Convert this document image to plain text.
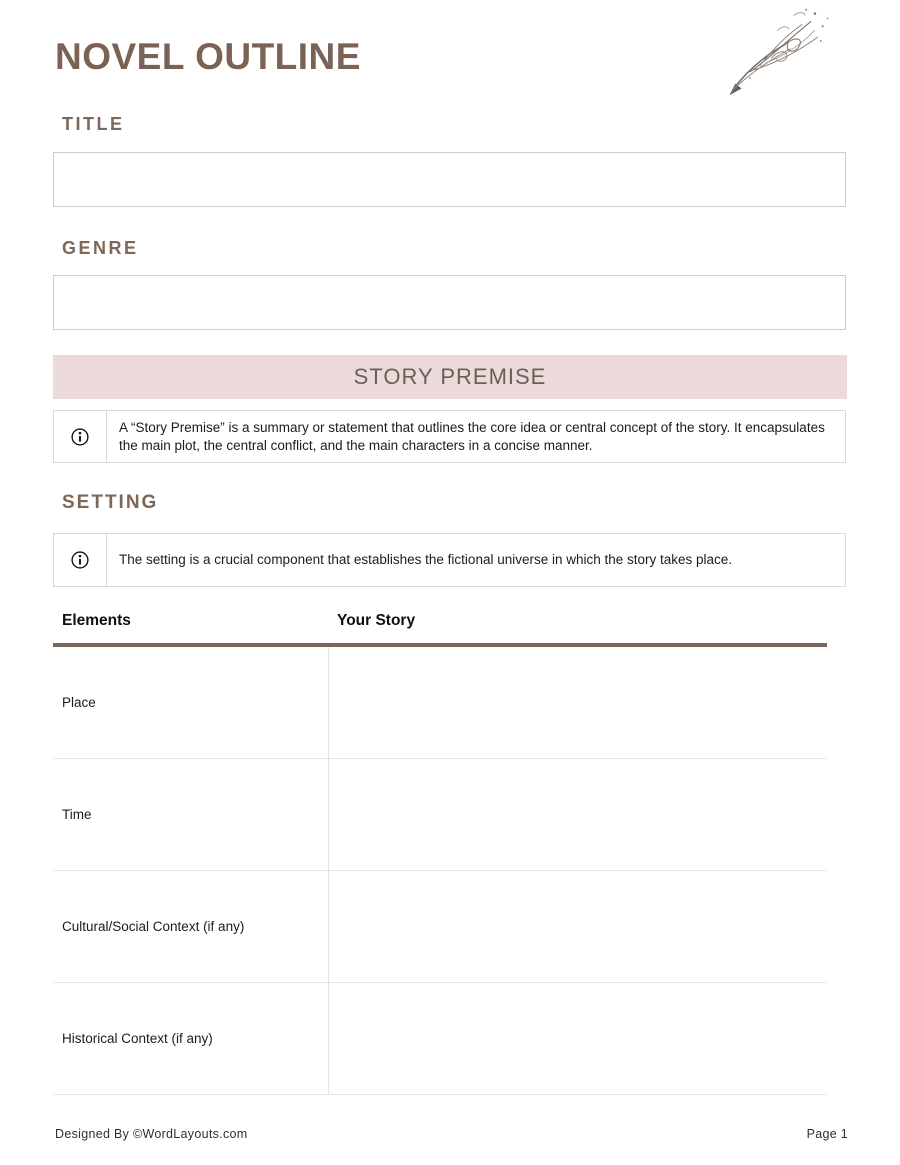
NOVEL OUTLINE
TITLE
GENRE
STORY PREMISE
A “Story Premise” is a summary or statement that outlines the core idea or central concept of the story. It encapsulates the main plot, the central conflict, and the main characters in a concise manner.
SETTING
The setting is a crucial component that establishes the fictional universe in which the story takes place.
Elements	Your Story
Place
Time
Cultural/Social Context (if any)
Historical Context (if any)
Designed By ©WordLayouts.com	Page 1
